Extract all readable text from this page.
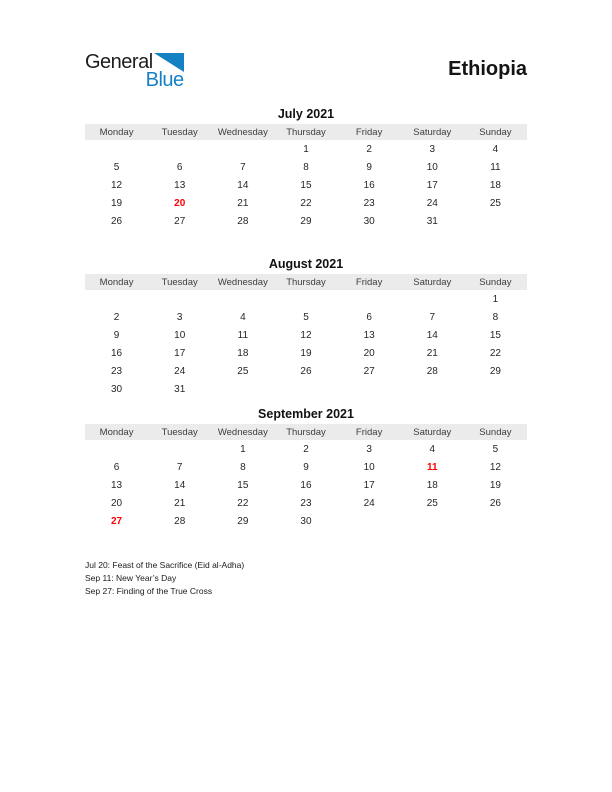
General
Blue	Ethiopia
July 2021
Monday	Tuesday	Wednesday	Thursday	Friday	Saturday	Sunday
			1	2	3	4
5	6	7	8	9	10	11
12	13	14	15	16	17	18
19	20	21	22	23	24	25
26	27	28	29	30	31	
August 2021
Monday	Tuesday	Wednesday	Thursday	Friday	Saturday	Sunday
						1
2	3	4	5	6	7	8
9	10	11	12	13	14	15
16	17	18	19	20	21	22
23	24	25	26	27	28	29
30	31					
September 2021
Monday	Tuesday	Wednesday	Thursday	Friday	Saturday	Sunday
		1	2	3	4	5
6	7	8	9	10	11	12
13	14	15	16	17	18	19
20	21	22	23	24	25	26
27	28	29	30			
Jul 20: Feast of the Sacrifice (Eid al-Adha)
Sep 11: New Year’s Day
Sep 27: Finding of the True Cross
